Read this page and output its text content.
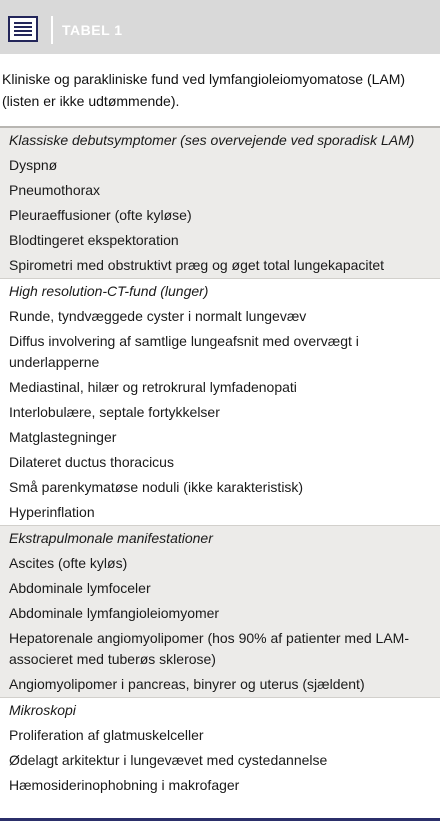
TABEL 1
Kliniske og parakliniske fund ved lymfangioleiomyomatose (LAM) (listen er ikke udtømmende).
Klassiske debutsymptomer (ses overvejende ved sporadisk LAM)
Dyspnø
Pneumothorax
Pleuraeffusioner (ofte kyløse)
Blodtingeret ekspektoration
Spirometri med obstruktivt præg og øget total lungekapacitet
High resolution-CT-fund (lunger)
Runde, tyndvæggede cyster i normalt lungevæv
Diffus involvering af samtlige lungeafsnit med overvægt i underlapperne
Mediastinal, hilær og retrokrural lymfadenopati
Interlobulære, septale fortykkelser
Matglastegninger
Dilateret ductus thoracicus
Små parenkymatøse noduli (ikke karakteristisk)
Hyperinflation
Ekstrapulmonale manifestationer
Ascites (ofte kyløs)
Abdominale lymfoceler
Abdominale lymfangioleiomyomer
Hepatorenale angiomyolipomer (hos 90% af patienter med LAM-associeret med tuberøs sklerose)
Angiomyolipomer i pancreas, binyrer og uterus (sjældent)
Mikroskopi
Proliferation af glatmuskelceller
Ødelagt arkitektur i lungevævet med cystedannelse
Hæmosiderinophobning i makrofager
